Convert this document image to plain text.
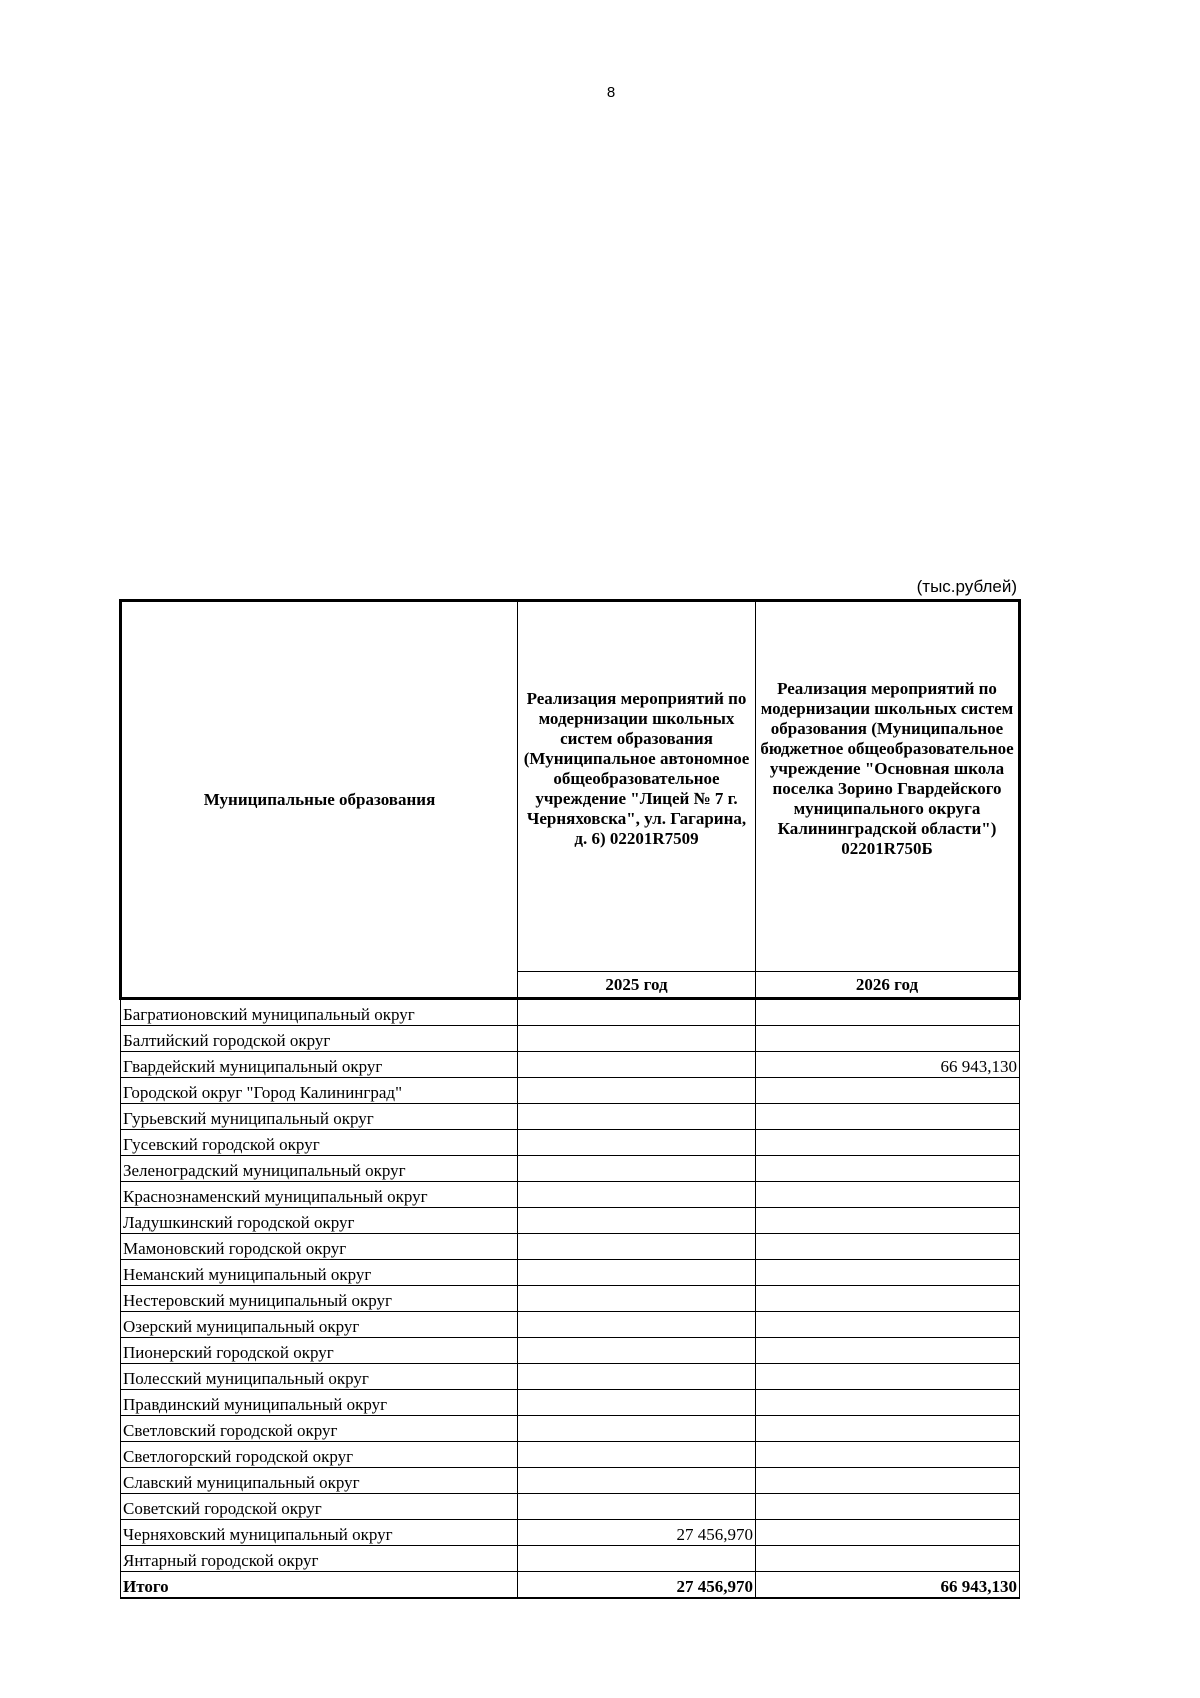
8
(тыс.рублей)
Муниципальные образования	Реализация мероприятий по модернизации школьных систем образования (Муниципальное автономное общеобразовательное учреждение "Лицей № 7 г. Черняховска", ул. Гагарина, д. 6) 02201R7509	Реализация мероприятий по модернизации школьных систем образования (Муниципальное бюджетное общеобразовательное учреждение "Основная школа поселка Зорино Гвардейского муниципального округа Калининградской области") 02201R750Б

	2025 год	2026 год
Багратионовский муниципальный округ		
Балтийский городской округ		
Гвардейский муниципальный округ		66 943,130
Городской округ "Город Калининград"		
Гурьевский муниципальный округ		
Гусевский городской округ		
Зеленоградский муниципальный округ		
Краснознаменский муниципальный округ		
Ладушкинский городской округ		
Мамоновский городской округ		
Неманский муниципальный округ		
Нестеровский муниципальный округ		
Озерский муниципальный округ		
Пионерский городской округ		
Полесский муниципальный округ		
Правдинский муниципальный округ		
Светловский городской округ		
Светлогорский городской округ		
Славский муниципальный округ		
Советский городской округ		
Черняховский муниципальный округ	27 456,970	
Янтарный городской округ		
Итого	27 456,970	66 943,130
